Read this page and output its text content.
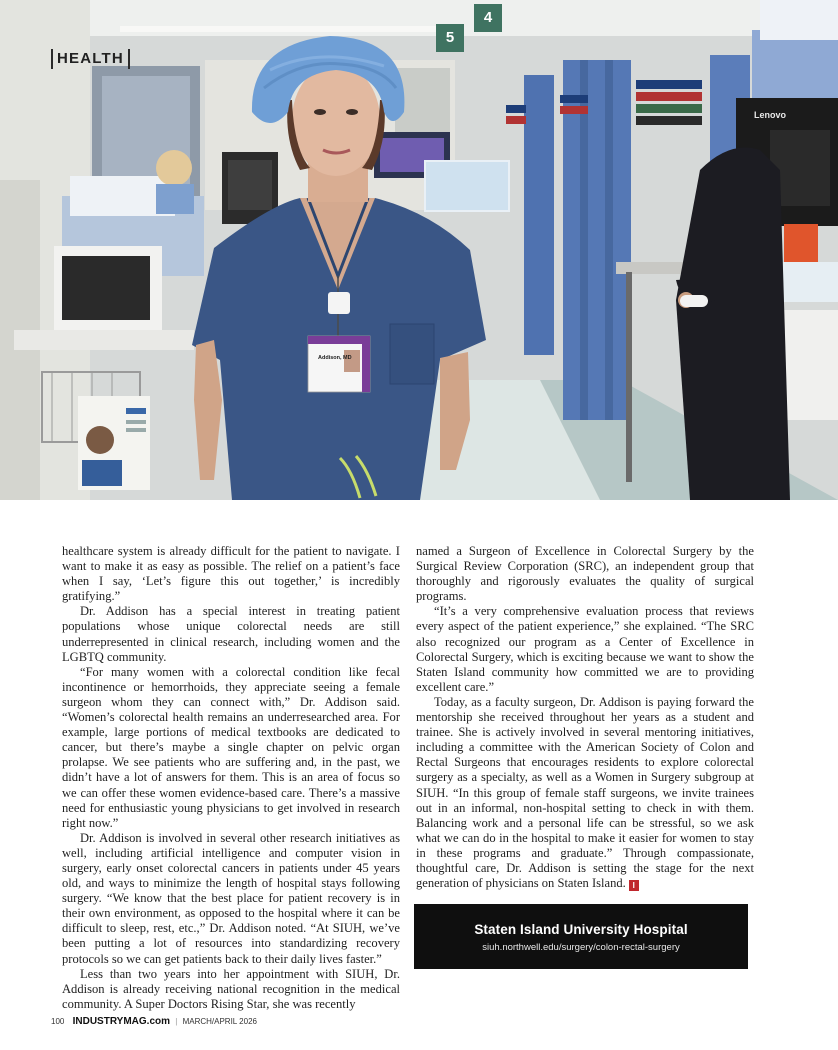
HEALTH
5
4
Lenovo
Addison, MD

healthcare system is already difficult for the patient to navigate. I want to make it as easy as possible. The relief on a patient’s face when I say, ‘Let’s figure this out together,’ is incredibly gratifying.”

Dr. Addison has a special interest in treating patient populations whose unique colorectal needs are still underrepresented in clinical research, including women and the LGBTQ community.

“For many women with a colorectal condition like fecal incontinence or hemorrhoids, they appreciate seeing a female surgeon whom they can connect with,” Dr. Addison said. “Women’s colorectal health remains an underresearched area. For example, large portions of medical textbooks are dedicated to cancer, but there’s maybe a single chapter on pelvic organ prolapse. We see patients who are suffering and, in the past, we didn’t have a lot of answers for them. This is an area of focus so we can offer these women evidence-based care. There’s a massive need for enthusiastic young physicians to get involved in research right now.”

Dr. Addison is involved in several other research initiatives as well, including artificial intelligence and computer vision in surgery, early onset colorectal cancers in patients under 45 years old, and ways to minimize the length of hospital stays following surgery. “We know that the best place for patient recovery is in their own environment, as opposed to the hospital where it can be difficult to sleep, rest, etc.,” Dr. Addison noted. “At SIUH, we’ve been putting a lot of resources into standardizing recovery protocols so we can get patients back to their daily lives faster.”

Less than two years into her appointment with SIUH, Dr. Addison is already receiving national recognition in the medical community. A Super Doctors Rising Star, she was recently

named a Surgeon of Excellence in Colorectal Surgery by the Surgical Review Corporation (SRC), an independent group that thoroughly and rigorously evaluates the quality of surgical programs.

“It’s a very comprehensive evaluation process that reviews every aspect of the patient experience,” she explained. “The SRC also recognized our program as a Center of Excellence in Colorectal Surgery, which is exciting because we want to show the Staten Island community how committed we are to providing excellent care.”

Today, as a faculty surgeon, Dr. Addison is paying forward the mentorship she received throughout her years as a student and trainee. She is actively involved in several mentoring initiatives, including a committee with the American Society of Colon and Rectal Surgeons that encourages residents to explore colorectal surgery as a specialty, as well as a Women in Surgery subgroup at SIUH. “In this group of female staff surgeons, we invite trainees out in an informal, non-hospital setting to check in with them. Balancing work and a personal life can be stressful, so we ask what we can do in the hospital to make it easier for women to stay in these programs and graduate.” Through compassionate, thoughtful care, Dr. Addison is setting the stage for the next generation of physicians on Staten Island. I

Staten Island University Hospital
siuh.northwell.edu/surgery/colon-rectal-surgery
100 INDUSTRYMAG.com | MARCH/APRIL 2026
